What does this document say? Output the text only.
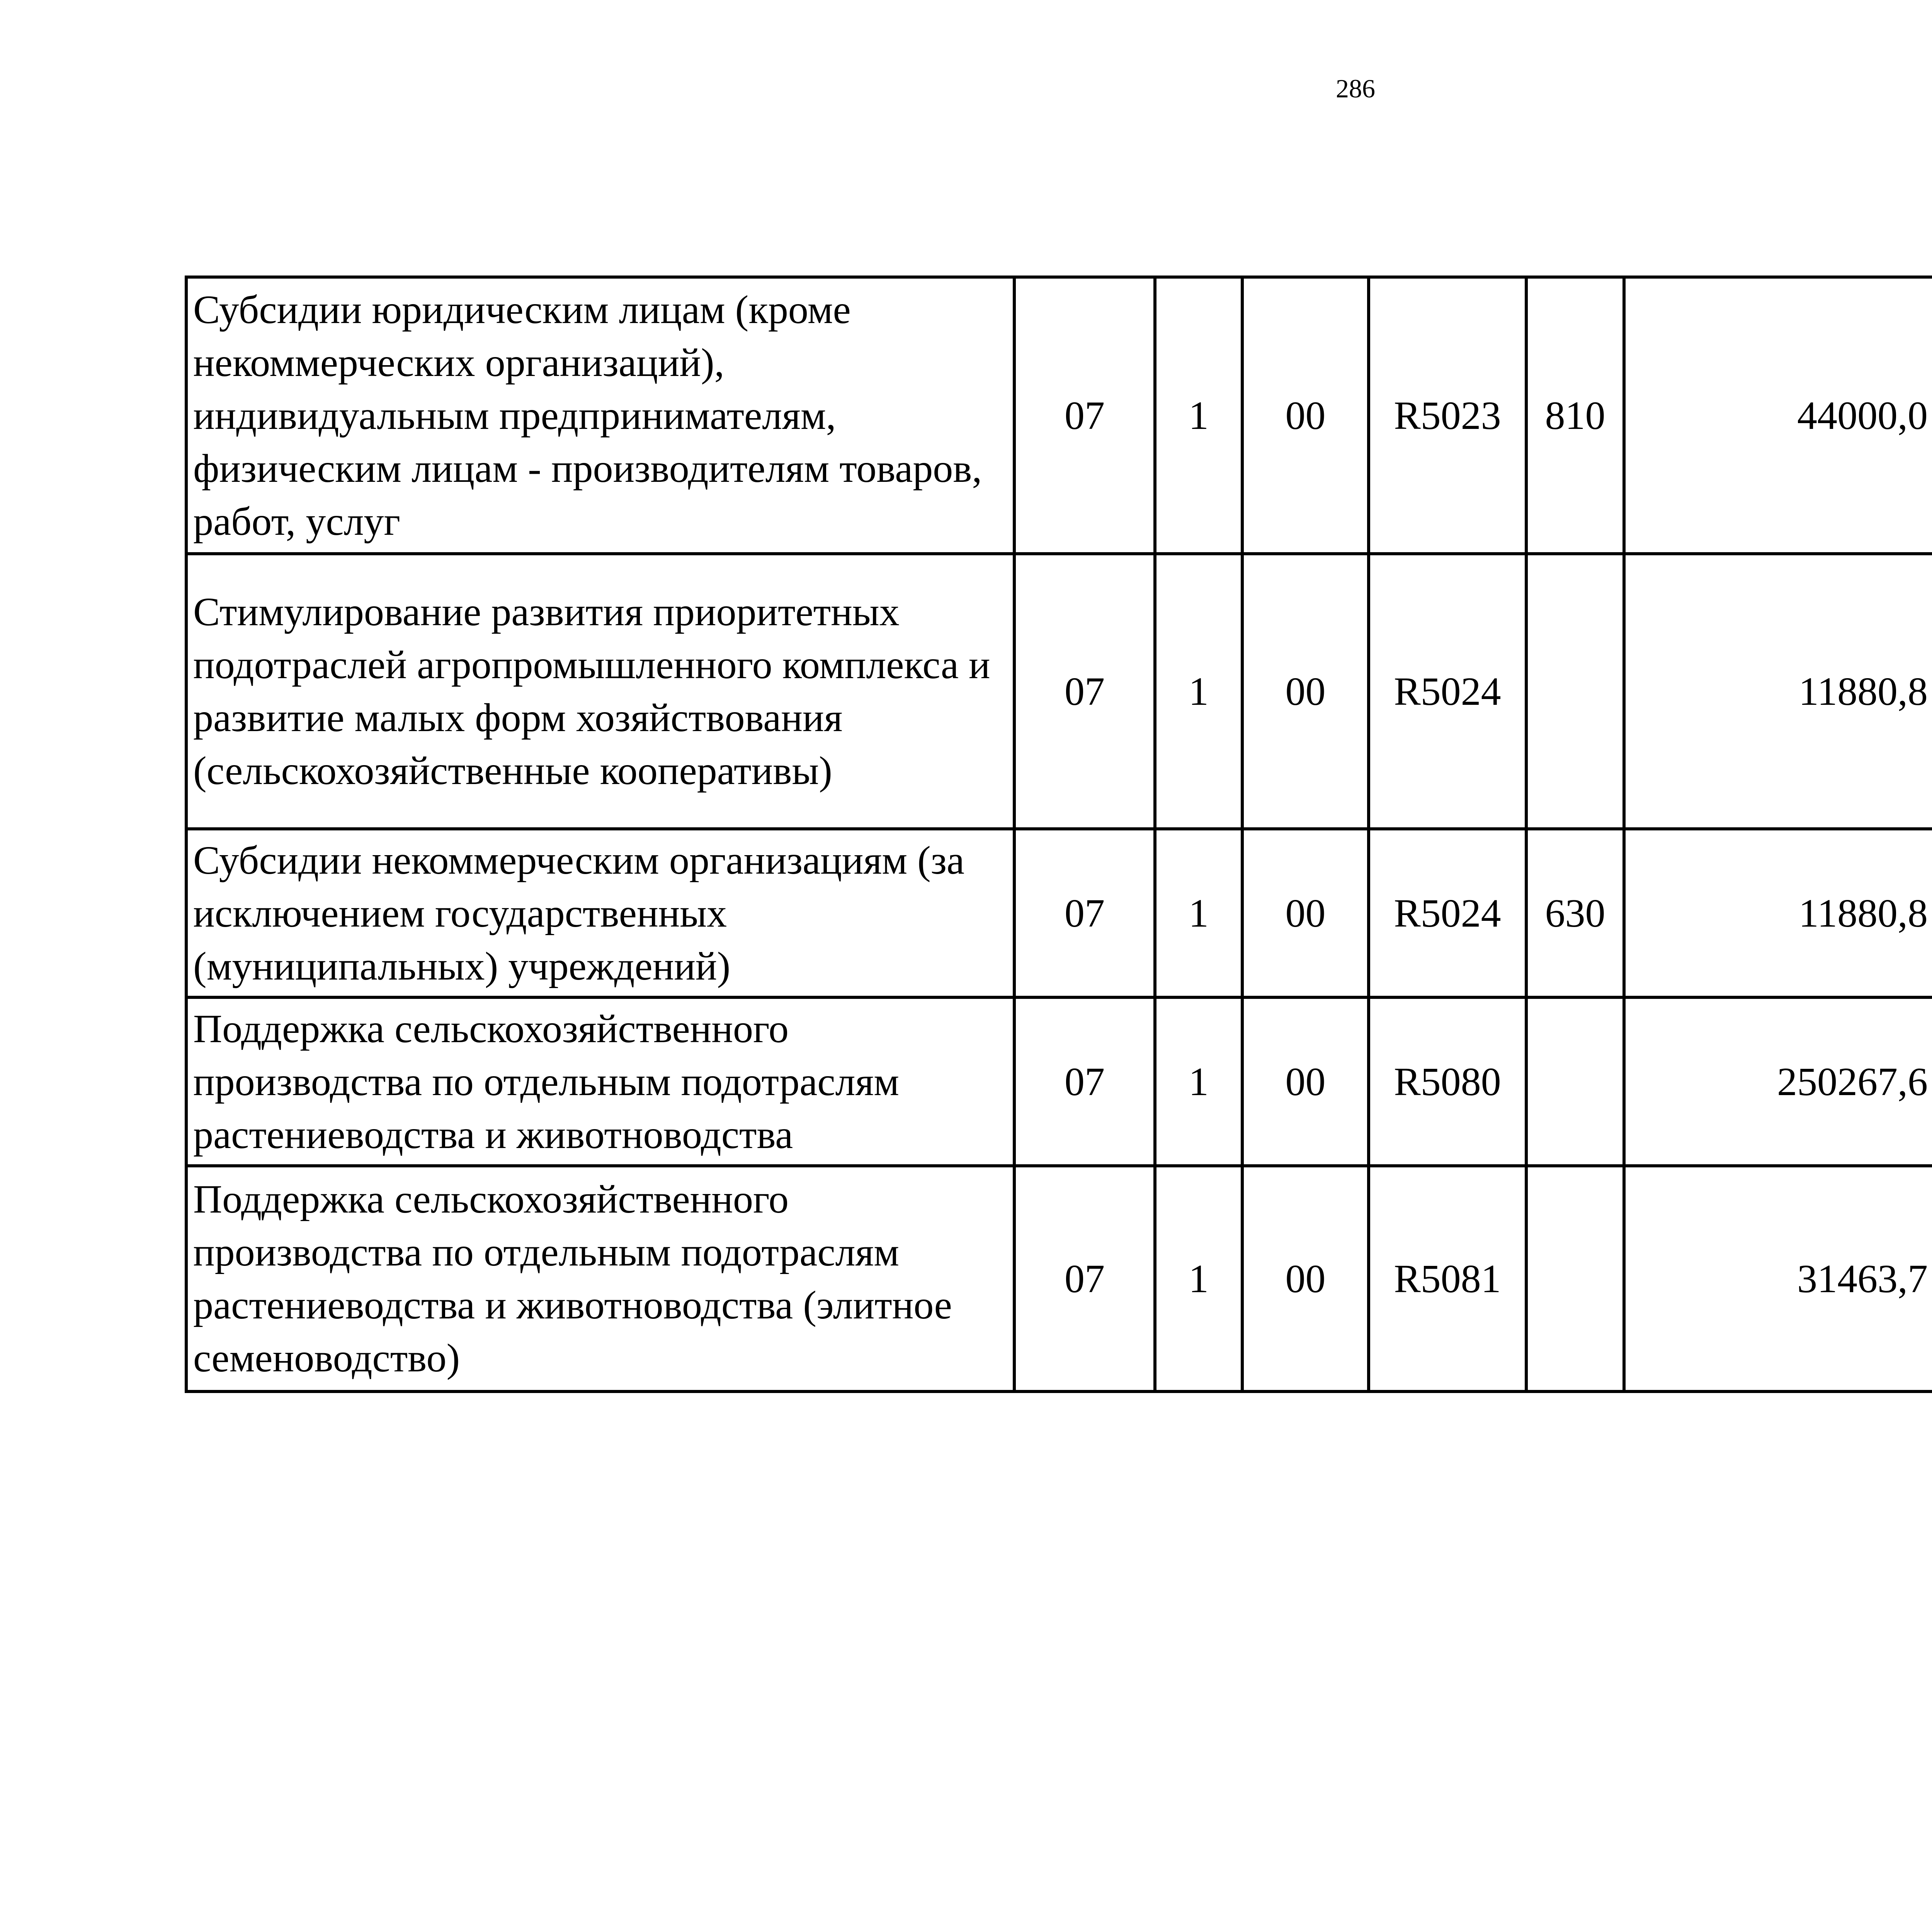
286
Субсидии юридическим лицам (кроме некоммерческих организаций), индивидуальным предпринимателям, физическим лицам - производителям товаров, работ, услуг	07	1	00	R5023	810	44000,0		
Стимулирование развития приоритетных подотраслей агропромышленного комплекса и развитие малых форм хозяйствования (сельскохозяйственные кооперативы)	07	1	00	R5024		11880,8		
Субсидии некоммерческим организациям (за исключением государственных (муниципальных) учреждений)	07	1	00	R5024	630	11880,8		
Поддержка сельскохозяйственного производства по отдельным подотраслям растениеводства и животноводства	07	1	00	R5080		250267,6		
Поддержка сельскохозяйственного производства по отдельным подотраслям растениеводства и животноводства (элитное семеноводство)	07	1	00	R5081		31463,7		
